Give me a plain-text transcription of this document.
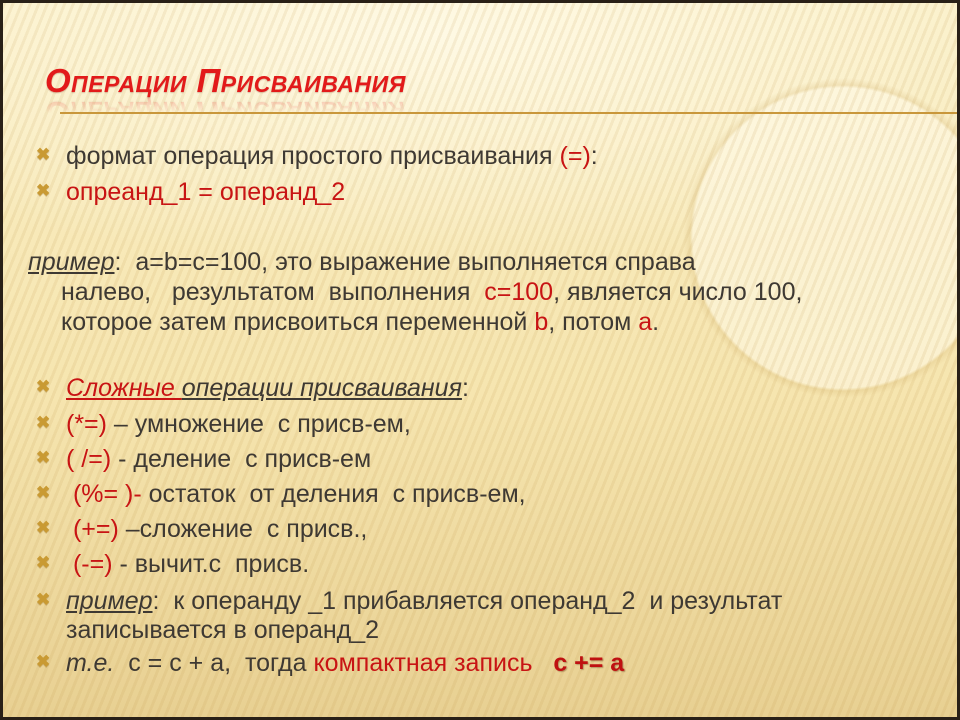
Операции Присваивания
✖ формат операция простого присваивания (=):
✖ опреанд_1 = операнд_2
пример:  a=b=c=100, это выражение выполняется справа
налево,   результатом  выполнения  c=100, является число 100,
которое затем присвоиться переменной b, потом a.
✖ Сложные операции присваивания:
✖ (*=) – умножение  с присв-ем,
✖ ( /=) - деление  с присв-ем
✖ (%= )- остаток  от деления  с присв-ем,
✖ (+=) –сложение  с присв.,
✖ (-=) - вычит.с  присв.
✖ пример:  к операнду _1 прибавляется операнд_2  и результат
записывается в операнд_2
✖ т.е.  c = c + a,  тогда компактная запись   c += a
